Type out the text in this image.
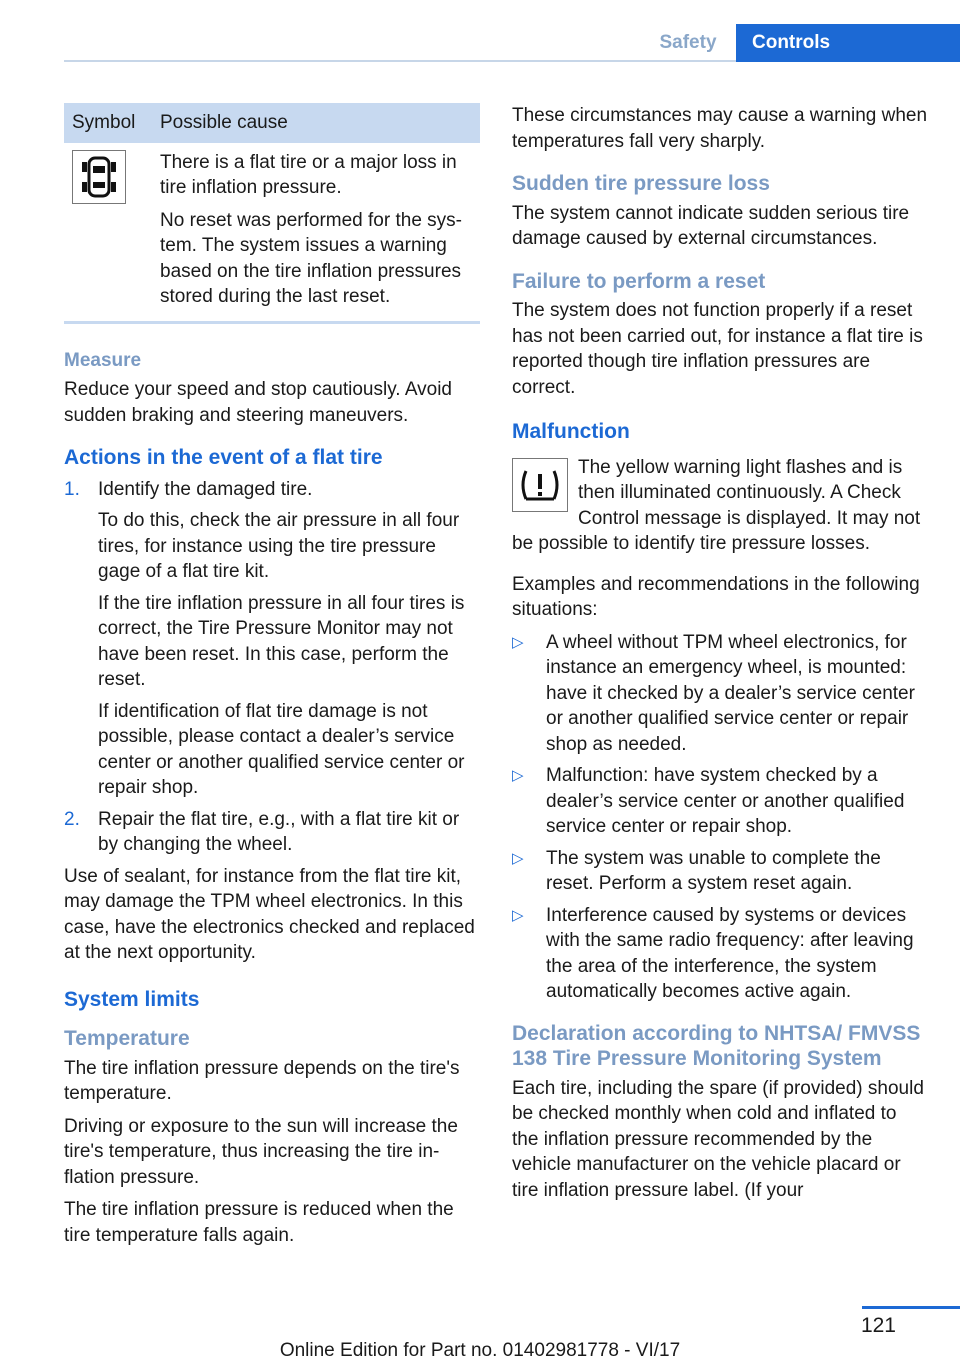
Safety	Controls
Symbol	Possible cause

There is a flat tire or a major loss in tire inflation pressure.

No reset was performed for the system. The system issues a warning based on the tire inflation pressures stored during the last reset.

Measure

Reduce your speed and stop cautiously. Avoid sudden braking and steering maneuvers.

Actions in the event of a flat tire
1. Identify the damaged tire.

To do this, check the air pressure in all four tires, for instance using the tire pressure gage of a flat tire kit.

If the tire inflation pressure in all four tires is correct, the Tire Pressure Monitor may not have been reset. In this case, perform the reset.

If identification of flat tire damage is not possible, please contact a dealer’s service center or another qualified service center or repair shop.

2. Repair the flat tire, e.g., with a flat tire kit or by changing the wheel.

Use of sealant, for instance from the flat tire kit, may damage the TPM wheel electronics. In this case, have the electronics checked and replaced at the next opportunity.

System limits
Temperature

The tire inflation pressure depends on the tire's temperature.

Driving or exposure to the sun will increase the tire's temperature, thus increasing the tire inflation pressure.

The tire inflation pressure is reduced when the tire temperature falls again.

These circumstances may cause a warning when temperatures fall very sharply.

Sudden tire pressure loss

The system cannot indicate sudden serious tire damage caused by external circumstances.

Failure to perform a reset

The system does not function properly if a reset has not been carried out, for instance a flat tire is reported though tire inflation pressures are correct.

Malfunction

The yellow warning light flashes and is then illuminated continuously. A Check Control message is displayed. It may not be possible to identify tire pressure losses.

Examples and recommendations in the following situations:

▷ A wheel without TPM wheel electronics, for instance an emergency wheel, is mounted: have it checked by a dealer’s service center or another qualified service center or repair shop as needed.
▷ Malfunction: have system checked by a dealer’s service center or another qualified service center or repair shop.
▷ The system was unable to complete the reset. Perform a system reset again.
▷ Interference caused by systems or devices with the same radio frequency: after leaving the area of the interference, the system automatically becomes active again.
Declaration according to NHTSA/ FMVSS 138 Tire Pressure Monitoring System

Each tire, including the spare (if provided) should be checked monthly when cold and inflated to the inflation pressure recommended by the vehicle manufacturer on the vehicle placard or tire inflation pressure label. (If your

121
Online Edition for Part no. 01402981778 - VI/17
